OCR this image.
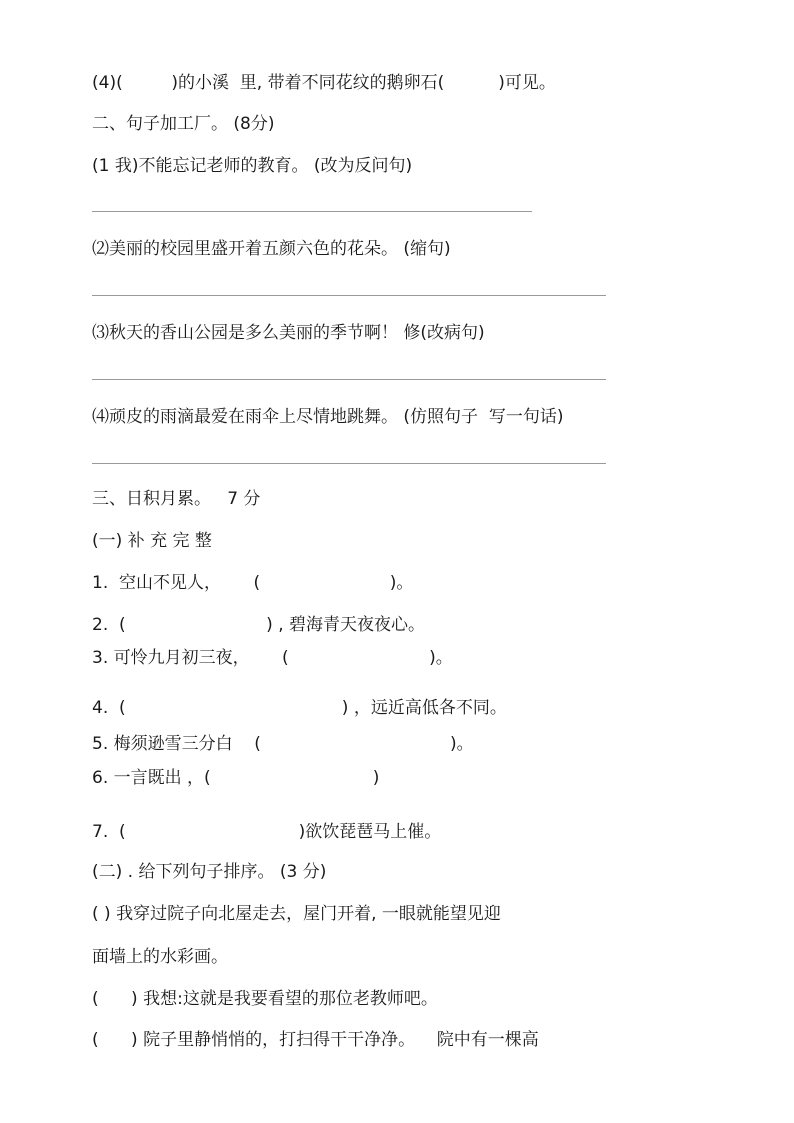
(4)(         )的小溪  里, 带着不同花纹的鹅卵石(          )可见。
二、句子加工厂。 (8分)
(1 我)不能忘记老师的教育。 (改为反问句)
⑵美丽的校园里盛开着五颜六色的花朵。 (缩句)
⑶秋天的香山公园是多么美丽的季节啊！ 修(改病句)
⑷顽皮的雨滴最爱在雨伞上尽情地跳舞。 (仿照句子  写一句话)
三、日积月累。   7 分
(一) 补 充 完 整
1.  空山不见人，      (                        )。
2.  (                          ) , 碧海青天夜夜心。
3. 可怜九月初三夜，      (                          )。
4.  (                                        ) ，远近高低各不同。
5. 梅须逊雪三分白    (                                   )。
6. 一言既出 ，(                              )
7.  (                                )欲饮琵琶马上催。
(二) . 给下列句子排序。 (3 分)
( ) 我穿过院子向北屋走去，屋门开着, 一眼就能望见迎
面墙上的水彩画。
(      ) 我想:这就是我要看望的那位老教师吧。
(      ) 院子里静悄悄的，打扫得干干净净。    院中有一棵高
